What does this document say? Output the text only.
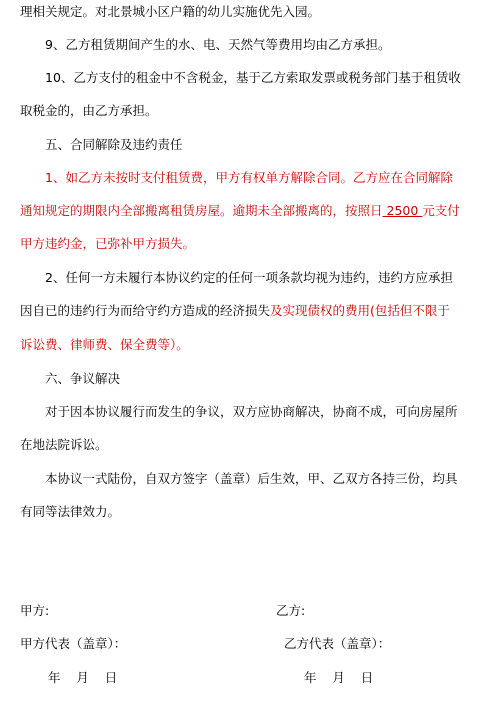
理相关规定。对北景城小区户籍的幼儿实施优先入园。
9、乙方租赁期间产生的水、电、天然气等费用均由乙方承担。
10、乙方支付的租金中不含税金，基于乙方索取发票或税务部门基于租赁收
取税金的，由乙方承担。
五、合同解除及违约责任
1、如乙方未按时支付租赁费，甲方有权单方解除合同。乙方应在合同解除
通知规定的期限内全部搬离租赁房屋。逾期未全部搬离的，按照日 2500 元支付
甲方违约金，已弥补甲方损失。
2、任何一方未履行本协议约定的任何一项条款均视为违约，违约方应承担
因自已的违约行为而给守约方造成的经济损失及实现债权的费用(包括但不限于
诉讼费、律师费、保全费等）。
六、争议解决
对于因本协议履行而发生的争议，双方应协商解决，协商不成，可向房屋所
在地法院诉讼。
本协议一式陆份，自双方签字（盖章）后生效，甲、乙双方各持三份，均具
有同等法律效力。
甲方:	乙方:
甲方代表（盖章）：	乙方代表（盖章）：
年    月    日	年    月    日
